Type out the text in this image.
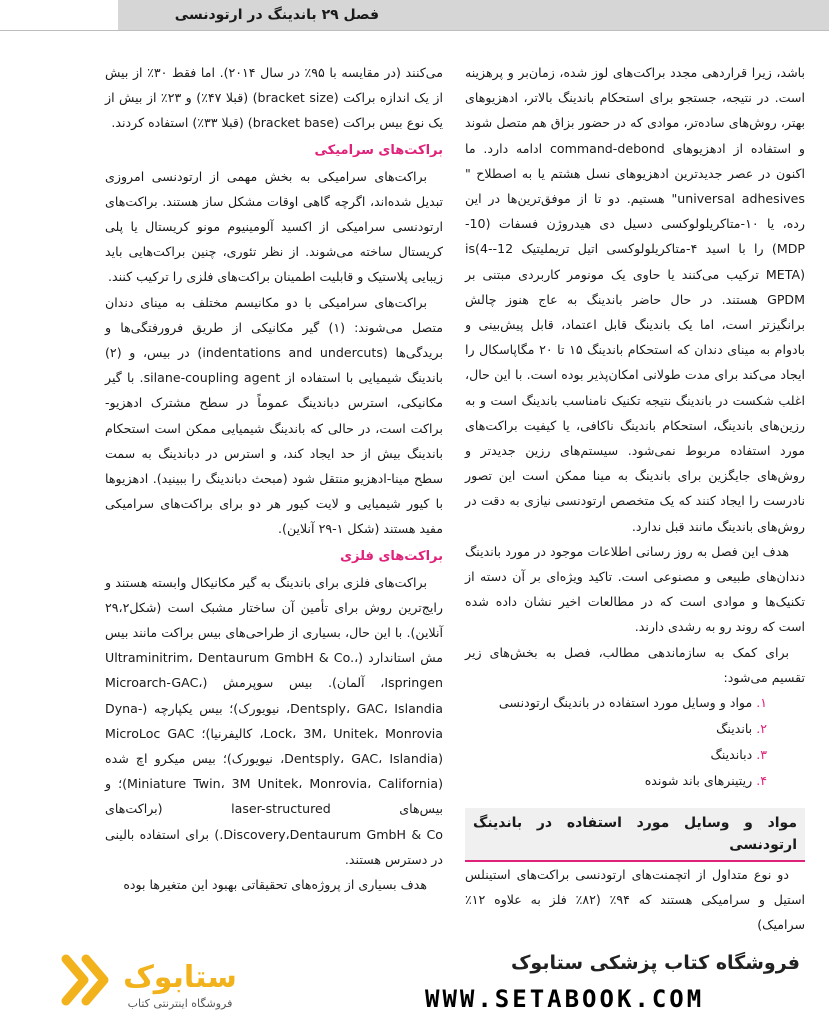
فصل ۲۹ باندینگ در ارتودنسی

باشد، زیرا قراردهی مجدد براکت‌های لوز شده، زمان‌بر و پرهزینه است. در نتیجه، جستجو برای استحکام باندینگ بالاتر، ادهزیوهای بهتر، روش‌های ساده‌تر، موادی که در حضور بزاق هم متصل شوند و استفاده از ادهزیوهای command-debond ادامه دارد. ما اکنون در عصر جدیدترین ادهزیوهای نسل هشتم یا به اصطلاح " universal adhesives" هستیم. دو تا از موفق‌ترین‌ها در این رده، یا ۱۰-متاکریلولوکسی دسیل دی هیدروژن فسفات (10-MDP) را با اسید ۴-متاکریلولوکسی اتیل تریملیتیک 12-is(4-META) ترکیب می‌کنند یا حاوی یک مونومر کاربردی مبتنی بر GPDM هستند. در حال حاضر باندینگ به عاج هنوز چالش برانگیزتر است، اما یک باندینگ قابل اعتماد، قابل پیش‌بینی و بادوام به مینای دندان که استحکام باندینگ ۱۵ تا ۲۰ مگاپاسکال را ایجاد می‌کند برای مدت طولانی امکان‌پذیر بوده است. با این حال، اغلب شکست در باندینگ نتیجه تکنیک نامناسب باندینگ است و به رزین‌های باندینگ، استحکام باندینگ ناکافی، یا کیفیت براکت‌های مورد استفاده مربوط نمی‌شود. سیستم‌های رزین جدیدتر و روش‌های جایگزین برای باندینگ به مینا ممکن است این تصور نادرست را ایجاد کنند که یک متخصص ارتودنسی نیازی به دقت در روش‌های باندینگ مانند قبل ندارد.

هدف این فصل به روز رسانی اطلاعات موجود در مورد باندینگ دندان‌های طبیعی و مصنوعی است. تاکید ویژه‌ای بر آن دسته از تکنیک‌ها و موادی است که در مطالعات اخیر نشان داده شده است که روند رو به رشدی دارند.

برای کمک به سازماندهی مطالب، فصل به بخش‌های زیر تقسیم می‌شود:

۱. مواد و وسایل مورد استفاده در باندینگ ارتودنسی
۲. باندینگ
۳. دباندینگ
۴. ریتینرهای باند شونده
مواد و وسایل مورد استفاده در باندینگ ارتودنسی

دو نوع متداول از اتچمنت‌های ارتودنسی براکت‌های استینلس استیل و سرامیکی هستند که ۹۴٪ (۸۲٪ فلز به علاوه ۱۲٪ سرامیک)

می‌کنند (در مقایسه با ۹۵٪ در سال ۲۰۱۴). اما فقط ۳۰٪ از بیش از یک اندازه براکت (bracket size) (قبلا ۴۷٪) و ۲۳٪ از بیش از یک نوع بیس براکت (bracket base) (قبلا ۳۳٪) استفاده کردند.

براکت‌های سرامیکی

براکت‌های سرامیکی به بخش مهمی از ارتودنسی امروزی تبدیل شده‌اند، اگرچه گاهی اوقات مشکل ساز هستند. براکت‌های ارتودنسی سرامیکی از اکسید آلومینیوم مونو کریستال یا پلی کریستال ساخته می‌شوند. از نظر تئوری، چنین براکت‌هایی باید زیبایی پلاستیک و قابلیت اطمینان براکت‌های فلزی را ترکیب کنند.

براکت‌های سرامیکی با دو مکانیسم مختلف به مینای دندان متصل می‌شوند: (۱) گیر مکانیکی از طریق فرورفتگی‌ها و بریدگی‌ها (indentations and undercuts) در بیس، و (۲) باندینگ شیمیایی با استفاده از silane-coupling agent. با گیر مکانیکی، استرس دباندینگ عموماً در سطح مشترک ادهزیو-براکت است، در حالی که باندینگ شیمیایی ممکن است استحکام باندینگ بیش از حد ایجاد کند، و استرس در دباندینگ به سمت سطح مینا-ادهزیو منتقل شود (مبحث دباندینگ را ببینید). ادهزیوها با کیور شیمیایی و لایت کیور هر دو برای براکت‌های سرامیکی مفید هستند (شکل ۱-۲۹ آنلاین).

براکت‌های فلزی

براکت‌های فلزی برای باندینگ به گیر مکانیکال وابسته هستند و رایج‌ترین روش برای تأمین آن ساختار مشبک است (شکل۲۹،۲ آنلاین). با این حال، بسیاری از طراحی‌های بیس براکت مانند بیس مش استاندارد (Ultraminitrim، Dentaurum GmbH & Co.، Ispringen، آلمان). بیس سوپرمش (Microarch-GAC، Dentsply، GAC، Islandia، نیویورک)؛ بیس یکپارچه (Dyna-Lock، 3M، Unitek، Monrovia، کالیفرنیا)؛ MicroLoc GAC (Dentsply، GAC، Islandia، نیویورک)؛ بیس میکرو اچ شده (Miniature Twin، 3M Unitek، Monrovia، California)؛ و بیس‌های laser-structured (براکت‌های Discovery،Dentaurum GmbH & Co.) برای استفاده بالینی در دسترس هستند.

هدف بسیاری از پروژه‌های تحقیقاتی بهبود این متغیرها بوده

ستابوک
فروشگاه اینترنتی کتاب
فروشگاه کتاب پزشکی ستابوک
WWW.SETABOOK.COM
